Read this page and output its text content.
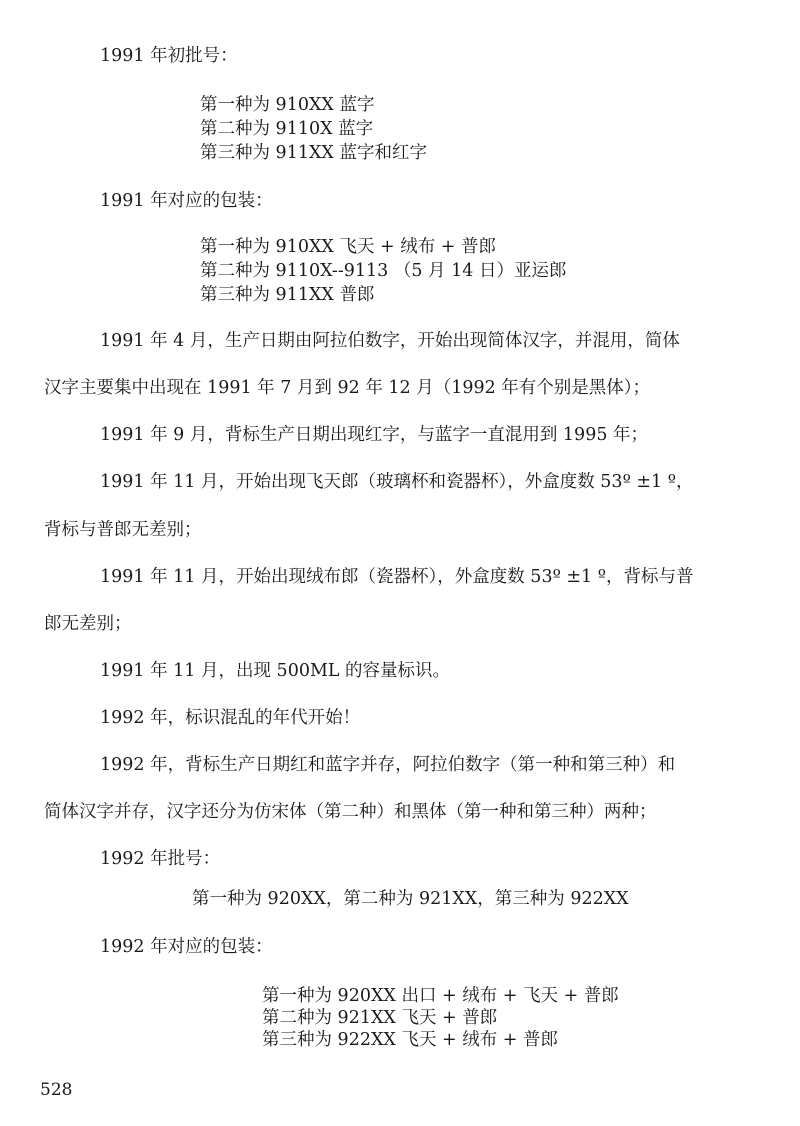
1991 年初批号：
第一种为 910XX 蓝字
第二种为 9110X 蓝字
第三种为 911XX 蓝字和红字
1991 年对应的包装：
第一种为 910XX 飞天 + 绒布 + 普郎
第二种为 9110X--9113 （5 月 14 日）亚运郎
第三种为 911XX 普郎
1991 年 4 月，生产日期由阿拉伯数字，开始出现简体汉字，并混用，简体
汉字主要集中出现在 1991 年 7 月到 92 年 12 月（1992 年有个别是黑体）；
1991 年 9 月，背标生产日期出现红字，与蓝字一直混用到 1995 年；
1991 年 11 月，开始出现飞天郎（玻璃杯和瓷器杯），外盒度数 53º ±1 º，
背标与普郎无差别；
1991 年 11 月，开始出现绒布郎（瓷器杯），外盒度数 53º ±1 º，背标与普
郎无差别；
1991 年 11 月，出现 500ML 的容量标识。
1992 年，标识混乱的年代开始！
1992 年，背标生产日期红和蓝字并存，阿拉伯数字（第一种和第三种）和
简体汉字并存，汉字还分为仿宋体（第二种）和黑体（第一种和第三种）两种；
1992 年批号：
第一种为 920XX，第二种为 921XX，第三种为 922XX
1992 年对应的包装：
第一种为 920XX 出口 + 绒布 + 飞天 + 普郎
第二种为 921XX 飞天 + 普郎
第三种为 922XX 飞天 + 绒布 + 普郎
528
